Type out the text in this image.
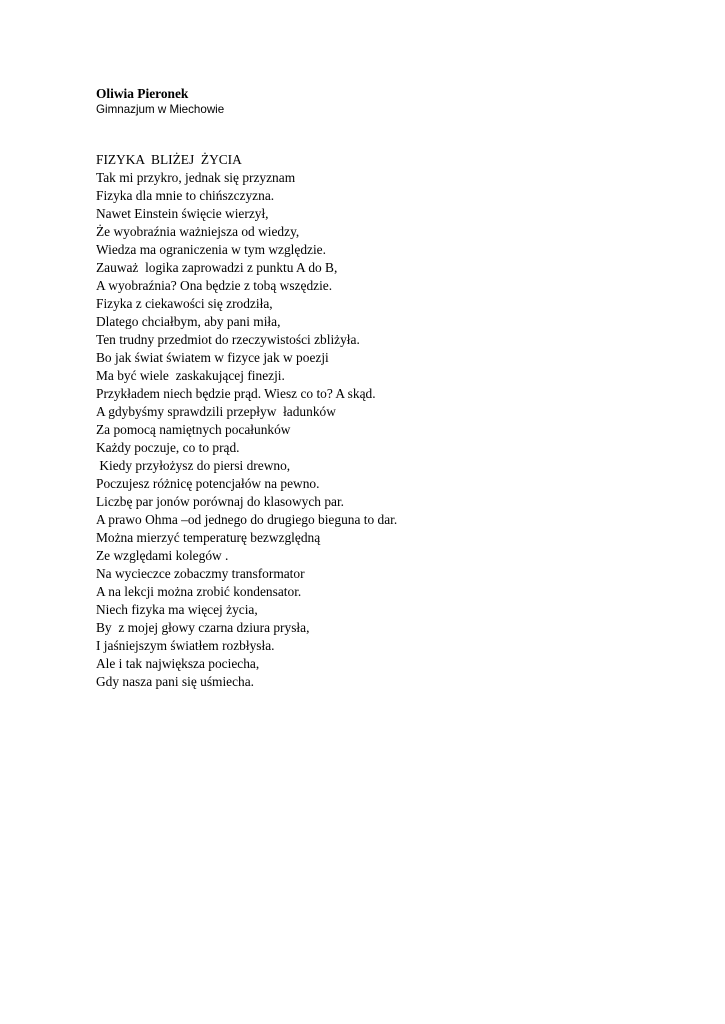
Oliwia Pieronek

Gimnazjum w Miechowie

FIZYKA  BLIŻEJ  ŻYCIA
Tak mi przykro, jednak się przyznam
Fizyka dla mnie to chińszczyzna.
Nawet Einstein święcie wierzył,
Że wyobraźnia ważniejsza od wiedzy,
Wiedza ma ograniczenia w tym względzie.
Zauważ  logika zaprowadzi z punktu A do B,
A wyobraźnia? Ona będzie z tobą wszędzie.
Fizyka z ciekawości się zrodziła,
Dlatego chciałbym, aby pani miła,
Ten trudny przedmiot do rzeczywistości zbliżyła.
Bo jak świat światem w fizyce jak w poezji
Ma być wiele  zaskakującej finezji.
Przykładem niech będzie prąd. Wiesz co to? A skąd.
A gdybyśmy sprawdzili przepływ  ładunków
Za pomocą namiętnych pocałunków
Każdy poczuje, co to prąd.
Kiedy przyłożysz do piersi drewno,
Poczujesz różnicę potencjałów na pewno.
Liczbę par jonów porównaj do klasowych par.
A prawo Ohma –od jednego do drugiego bieguna to dar.
Można mierzyć temperaturę bezwzględną
Ze względami kolegów .
Na wycieczce zobaczmy transformator
A na lekcji można zrobić kondensator.
Niech fizyka ma więcej życia,
By  z mojej głowy czarna dziura prysła,
I jaśniejszym światłem rozbłysła.
Ale i tak największa pociecha,
Gdy nasza pani się uśmiecha.
